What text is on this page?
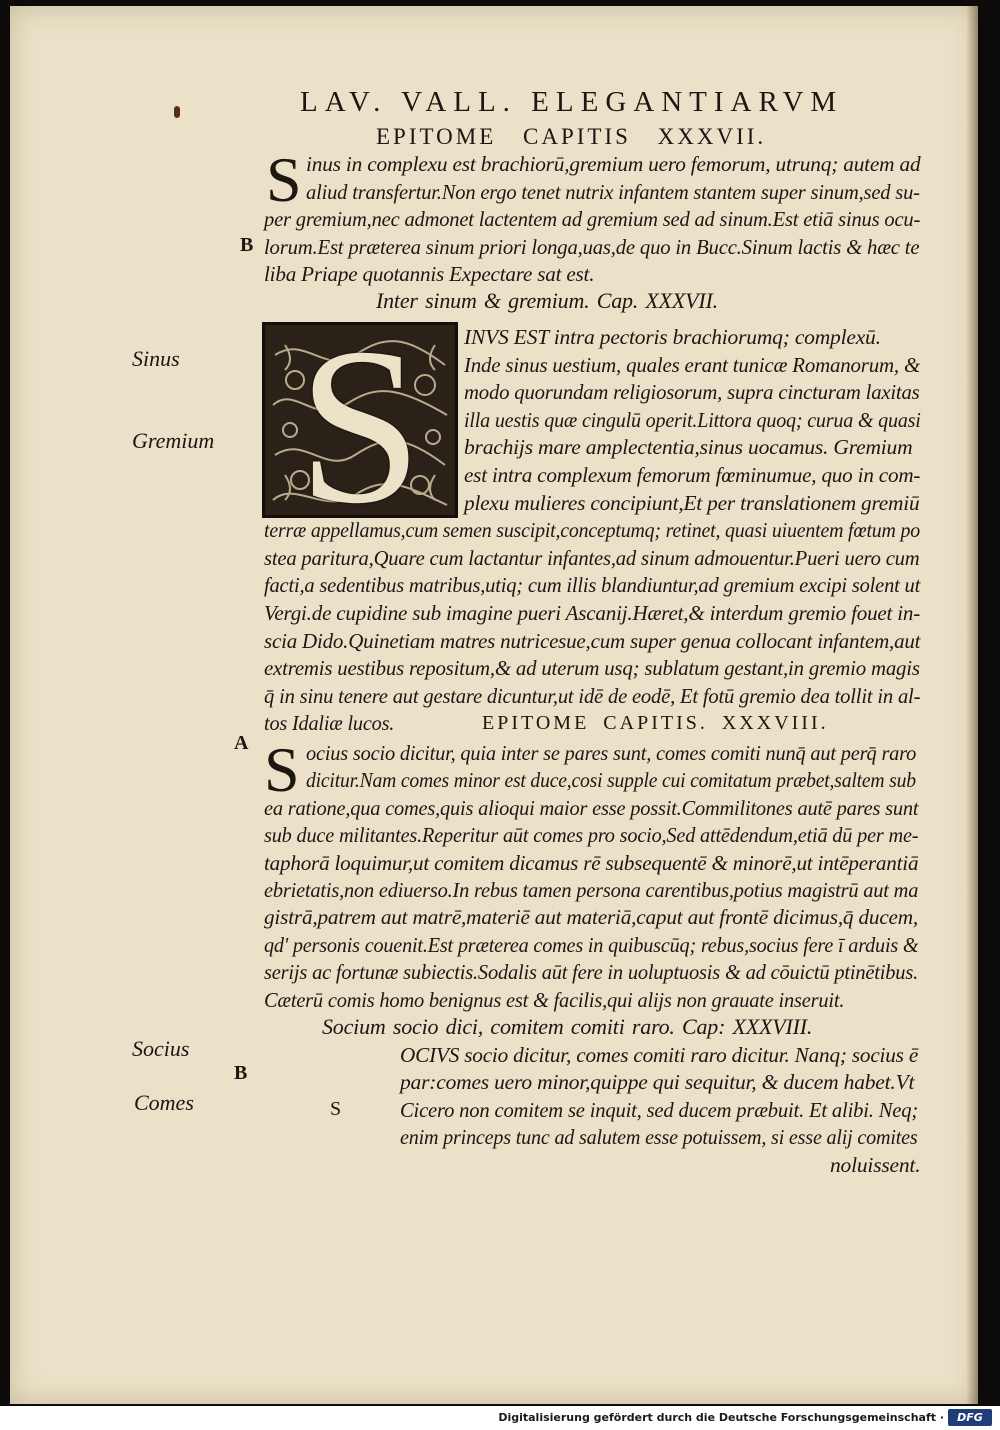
LAV. VALL. ELEGANTIARVM
EPITOME CAPITIS XXXVII.
S inus in complexu est brachiorū,gremium uero femorum, utrunq; autem ad
aliud transfertur.Non ergo tenet nutrix infantem stantem super sinum,sed su-
per gremium,nec admonet lactentem ad gremium sed ad sinum.Est etiā sinus ocu-
lorum.Est præterea sinum priori longa,uas,de quo in Bucc.Sinum lactis & hæc te
liba Priape quotannis Expectare sat est.
B
Inter sinum & gremium. Cap. XXXVII.
S	INVS EST intra pectoris brachiorumq; complexū.
Inde sinus uestium, quales erant tunicæ Romanorum, &
modo quorundam religiosorum, supra cincturam laxitas
illa uestis quæ cingulū operit.Littora quoq; curua & quasi
brachijs mare amplectentia,sinus uocamus. Gremium
est intra complexum femorum fœminumue, quo in com-
plexu mulieres concipiunt,Et per translationem gremiū
terræ appellamus,cum semen suscipit,conceptumq; retinet, quasi uiuentem fœtum po
stea paritura,Quare cum lactantur infantes,ad sinum admouentur.Pueri uero cum
facti,a sedentibus matribus,utiq; cum illis blandiuntur,ad gremium excipi solent ut
Vergi.de cupidine sub imagine pueri Ascanij.Hæret,& interdum gremio fouet in-
scia Dido.Quinetiam matres nutricesue,cum super genua collocant infantem,aut
extremis uestibus repositum,& ad uterum usq; sublatum gestant,in gremio magis
q̄ in sinu tenere aut gestare dicuntur,ut idē de eodē, Et fotū gremio dea tollit in al-
tos Idaliæ lucos.
Sinus
Gremium
EPITOME CAPITIS. XXXVIII.
A S ocius socio dicitur, quia inter se pares sunt, comes comiti nunq̄ aut perq̄ raro
dicitur.Nam comes minor est duce,cosi supple cui comitatum præbet,saltem sub
ea ratione,qua comes,quis alioqui maior esse possit.Commilitones autē pares sunt
sub duce militantes.Reperitur aūt comes pro socio,Sed attēdendum,etiā dū per me-
taphorā loquimur,ut comitem dicamus rē subsequentē & minorē,ut intēperantiā
ebrietatis,non ediuerso.In rebus tamen persona carentibus,potius magistrū aut ma
gistrā,patrem aut matrē,materiē aut materiā,caput aut frontē dicimus,q̄ ducem,
qd' personis couenit.Est præterea comes in quibuscūq; rebus,socius fere ī arduis &
serijs ac fortunæ subiectis.Sodalis aūt fere in uoluptuosis & ad cōuictū ptinētibus.
Cæterū comis homo benignus est & facilis,qui alijs non grauate inseruit.
Socium socio dici, comitem comiti raro. Cap: XXXVIII.
Socius
B
Comes	S
OCIVS socio dicitur, comes comiti raro dicitur. Nanq; socius ē
par:comes uero minor,quippe qui sequitur, & ducem habet.Vt
Cicero non comitem se inquit, sed ducem præbuit. Et alibi. Neq;
enim princeps tunc ad salutem esse potuissem, si esse alij comites
noluissent.
Digitalisierung gefördert durch die Deutsche Forschungsgemeinschaft ·	DFG
